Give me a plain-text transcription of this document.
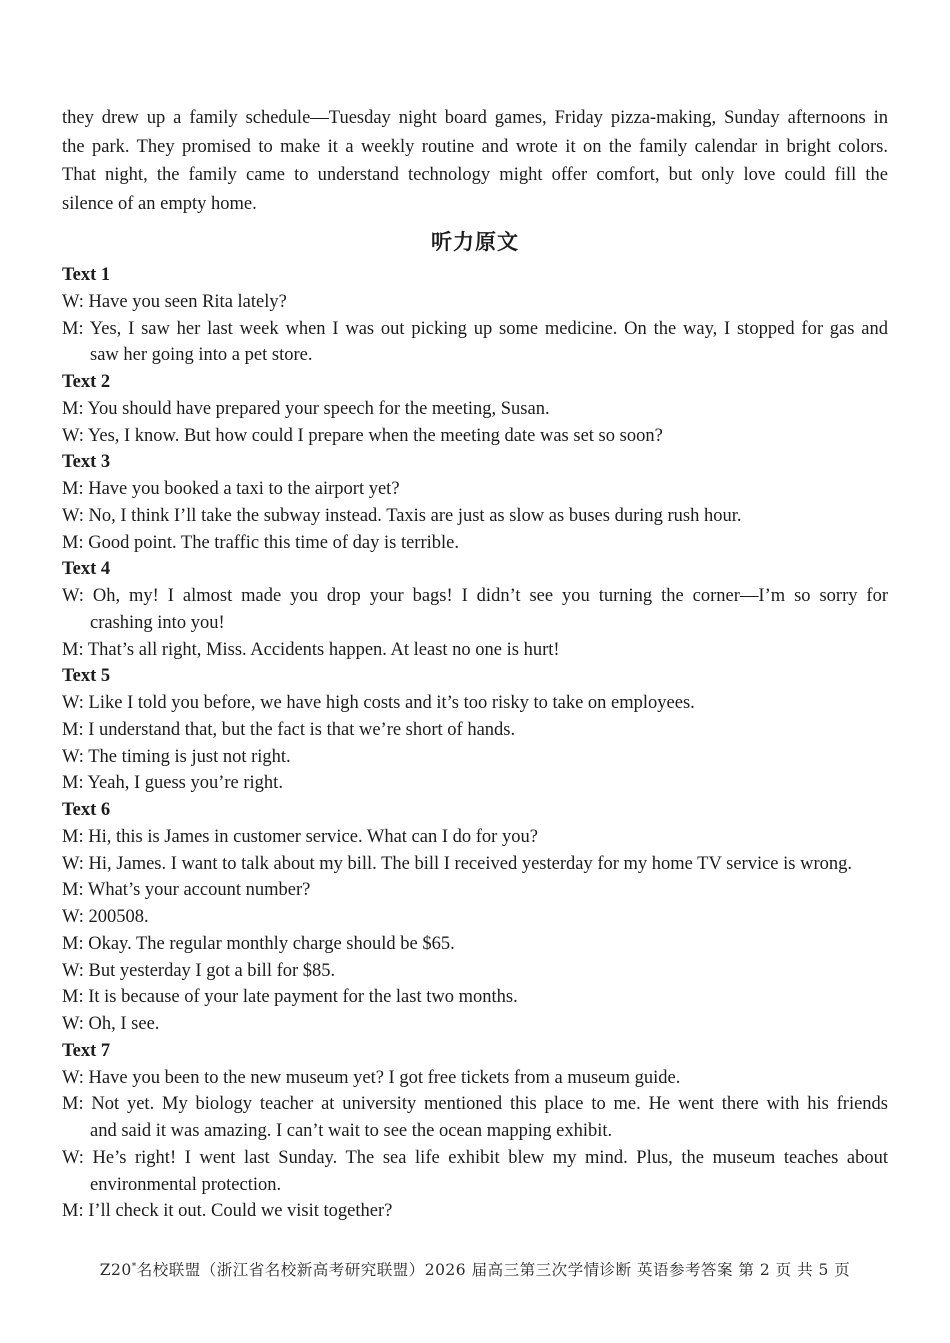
they drew up a family schedule—Tuesday night board games, Friday pizza-making, Sunday afternoons in
the park. They promised to make it a weekly routine and wrote it on the family calendar in bright colors.
That night, the family came to understand technology might offer comfort, but only love could fill the
silence of an empty home.
听力原文
Text 1
W: Have you seen Rita lately?
M: Yes, I saw her last week when I was out picking up some medicine. On the way, I stopped for gas and
saw her going into a pet store.
Text 2
M: You should have prepared your speech for the meeting, Susan.
W: Yes, I know. But how could I prepare when the meeting date was set so soon?
Text 3
M: Have you booked a taxi to the airport yet?
W: No, I think I’ll take the subway instead. Taxis are just as slow as buses during rush hour.
M: Good point. The traffic this time of day is terrible.
Text 4
W: Oh, my! I almost made you drop your bags! I didn’t see you turning the corner—I’m so sorry for
crashing into you!
M: That’s all right, Miss. Accidents happen. At least no one is hurt!
Text 5
W: Like I told you before, we have high costs and it’s too risky to take on employees.
M: I understand that, but the fact is that we’re short of hands.
W: The timing is just not right.
M: Yeah, I guess you’re right.
Text 6
M: Hi, this is James in customer service. What can I do for you?
W: Hi, James. I want to talk about my bill. The bill I received yesterday for my home TV service is wrong.
M: What’s your account number?
W: 200508.
M: Okay. The regular monthly charge should be $65.
W: But yesterday I got a bill for $85.
M: It is because of your late payment for the last two months.
W: Oh, I see.
Text 7
W: Have you been to the new museum yet? I got free tickets from a museum guide.
M: Not yet. My biology teacher at university mentioned this place to me. He went there with his friends
and said it was amazing. I can’t wait to see the ocean mapping exhibit.
W: He’s right! I went last Sunday. The sea life exhibit blew my mind. Plus, the museum teaches about
environmental protection.
M: I’ll check it out. Could we visit together?
Z20*名校联盟（浙江省名校新高考研究联盟）2026 届高三第三次学情诊断 英语参考答案 第 2 页 共 5 页
